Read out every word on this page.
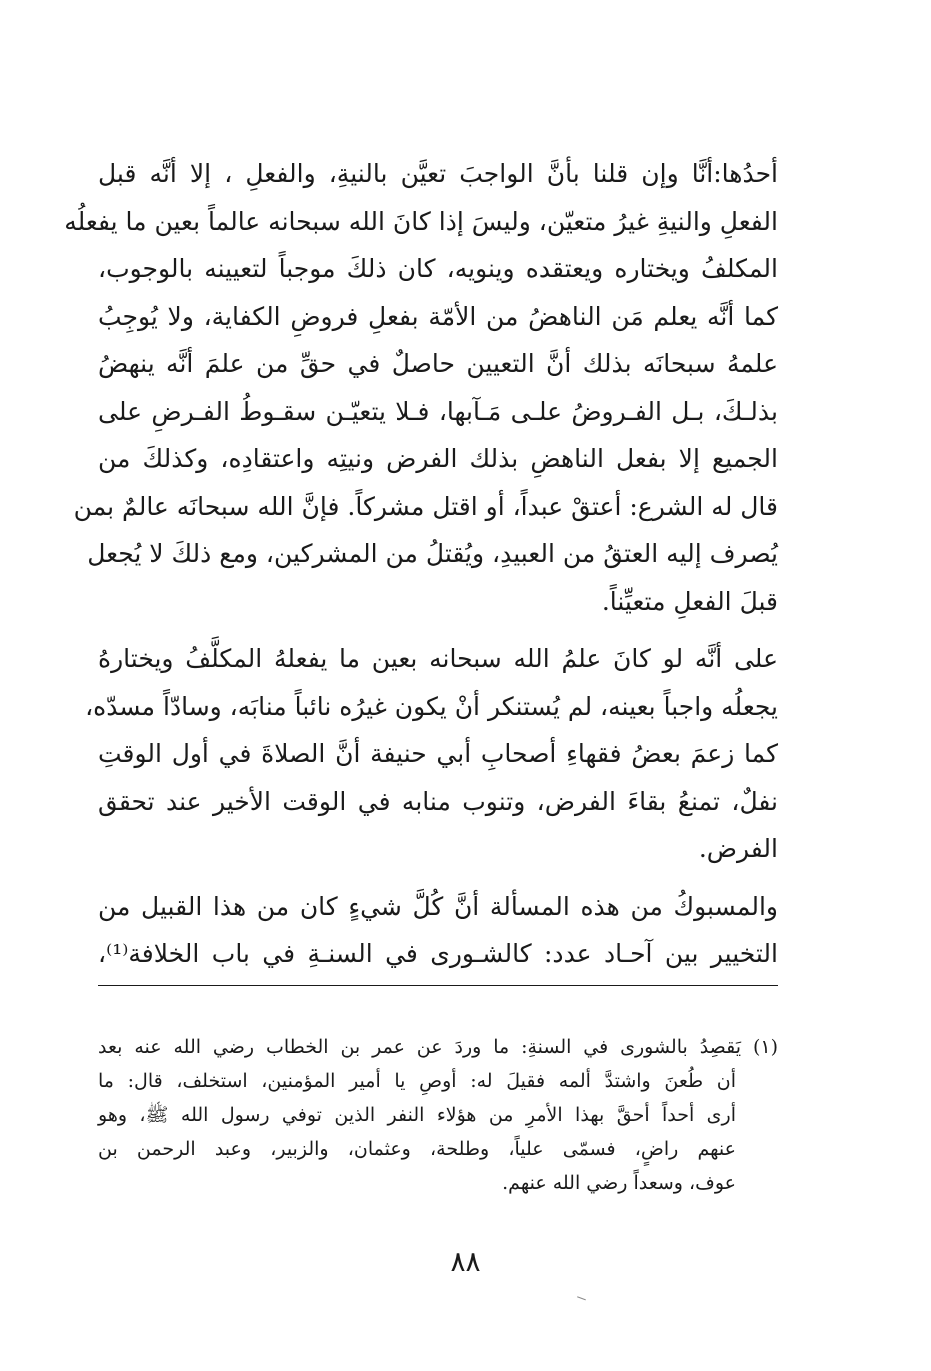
أحدُها:أنَّا وإن قلنا بأنَّ الواجبَ تعيَّن بالنيةِ، والفعلِ ، إلا أنَّه قبل
الفعلِ والنيةِ غيرُ متعيّن، وليسَ إذا كانَ الله سبحانه عالماً بعين ما يفعلُه
المكلفُ ويختاره ويعتقده وينويه، كان ذلكَ موجباً لتعيينه بالوجوب،
كما أنَّه يعلم مَن الناهضُ من الأمّة بفعلِ فروضِ الكفاية، ولا يُوجِبُ
علمهُ سبحانَه بذلك أنَّ التعيين حاصلٌ في حقِّ من علمَ أنَّه ينهضُ
بذلـكَ، بـل الفـروضُ علـى مَـآبها، فـلا يتعيّـن سقـوطُ الفـرضِ على
الجميع إلا بفعل الناهضِ بذلك الفرض ونيتِه واعتقادِه، وكذلكَ من
قال له الشرع: أعتقْ عبداً، أو اقتل مشركاً. فإنَّ الله سبحانَه عالمٌ بمن
يُصرف إليه العتقُ من العبيدِ، ويُقتلُ من المشركين، ومع ذلكَ لا يُجعل
قبلَ الفعلِ متعيِّناً.
على أنَّه لو كانَ علمُ الله سبحانه بعين ما يفعلهُ المكلَّفُ ويختارهُ
يجعلُه واجباً بعينه، لم يُستنكر أنْ يكون غيرُه نائباً منابَه، وسادّاً مسدّه،
كما زعمَ بعضُ فقهاءِ أصحابِ أبي حنيفة أنَّ الصلاةَ في أول الوقتِ
نفلٌ، تمنعُ بقاءَ الفرض، وتنوب منابه في الوقت الأخير عند تحقق
الفرض.
والمسبوكُ من هذه المسألة أنَّ كُلَّ شيءٍ كان من هذا القبيل من
التخيير بين آحـاد عدد: كالشـورى في السنـةِ في باب الخلافة⁽¹⁾،
(١) يَقصِدُ بالشورى في السنةِ: ما وردَ عن عمر بن الخطاب رضي الله عنه بعد
أن طُعنَ واشتدَّ ألمه فقيلَ له: أوصِ يا أمير المؤمنين، استخلف، قال: ما
أرى أحداً أحقَّ بهذا الأمرِ من هؤلاء النفر الذين توفي رسول الله ﷺ، وهو
عنهم راضٍ، فسمّى علياً، وطلحة، وعثمان، والزبير، وعبد الرحمن بن
عوف، وسعداً رضي الله عنهم.
٨٨
